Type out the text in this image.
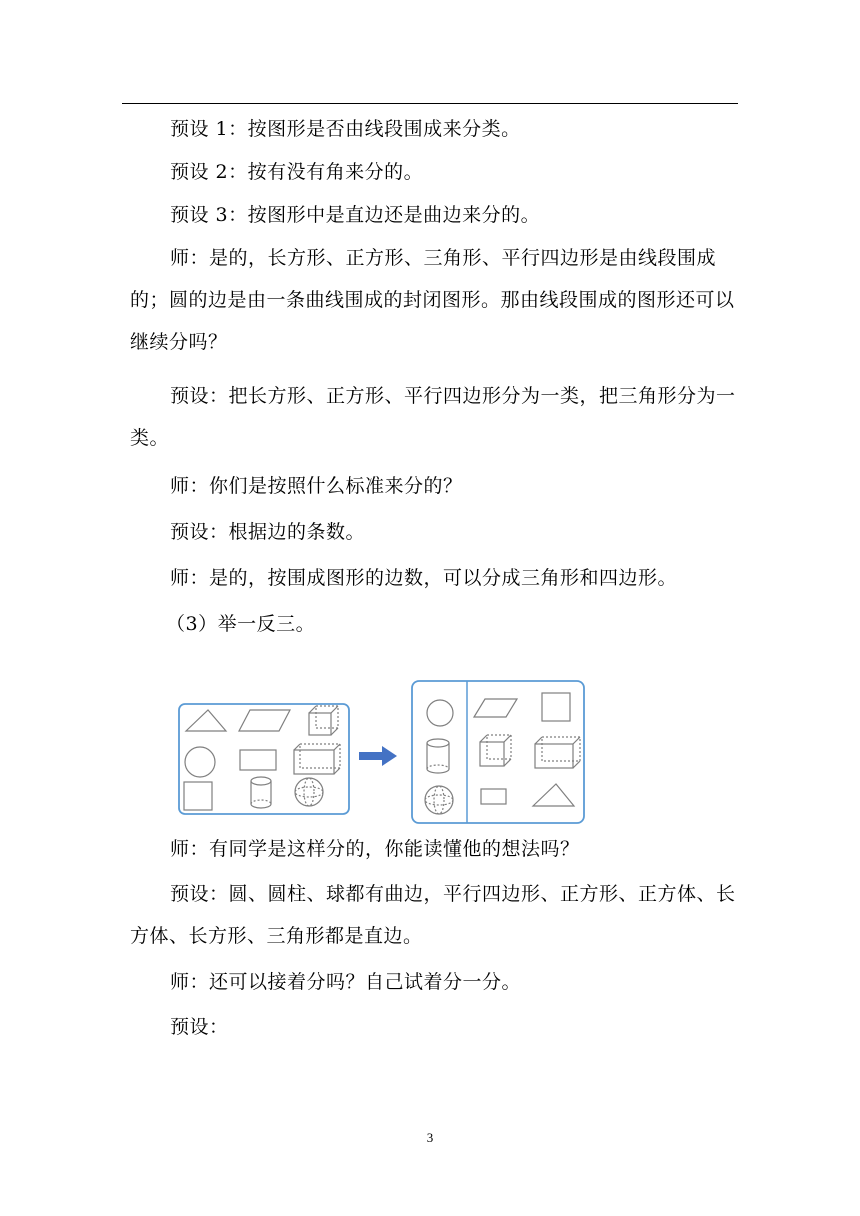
预设 1：按图形是否由线段围成来分类。

预设 2：按有没有角来分的。

预设 3：按图形中是直边还是曲边来分的。

师：是的，长方形、正方形、三角形、平行四边形是由线段围成的；圆的边是由一条曲线围成的封闭图形。那由线段围成的图形还可以继续分吗？

预设：把长方形、正方形、平行四边形分为一类，把三角形分为一类。

师：你们是按照什么标准来分的？

预设：根据边的条数。

师：是的，按围成图形的边数，可以分成三角形和四边形。

（3）举一反三。

师：有同学是这样分的，你能读懂他的想法吗？

预设：圆、圆柱、球都有曲边，平行四边形、正方形、正方体、长方体、长方形、三角形都是直边。

师：还可以接着分吗？自己试着分一分。

预设：

3
